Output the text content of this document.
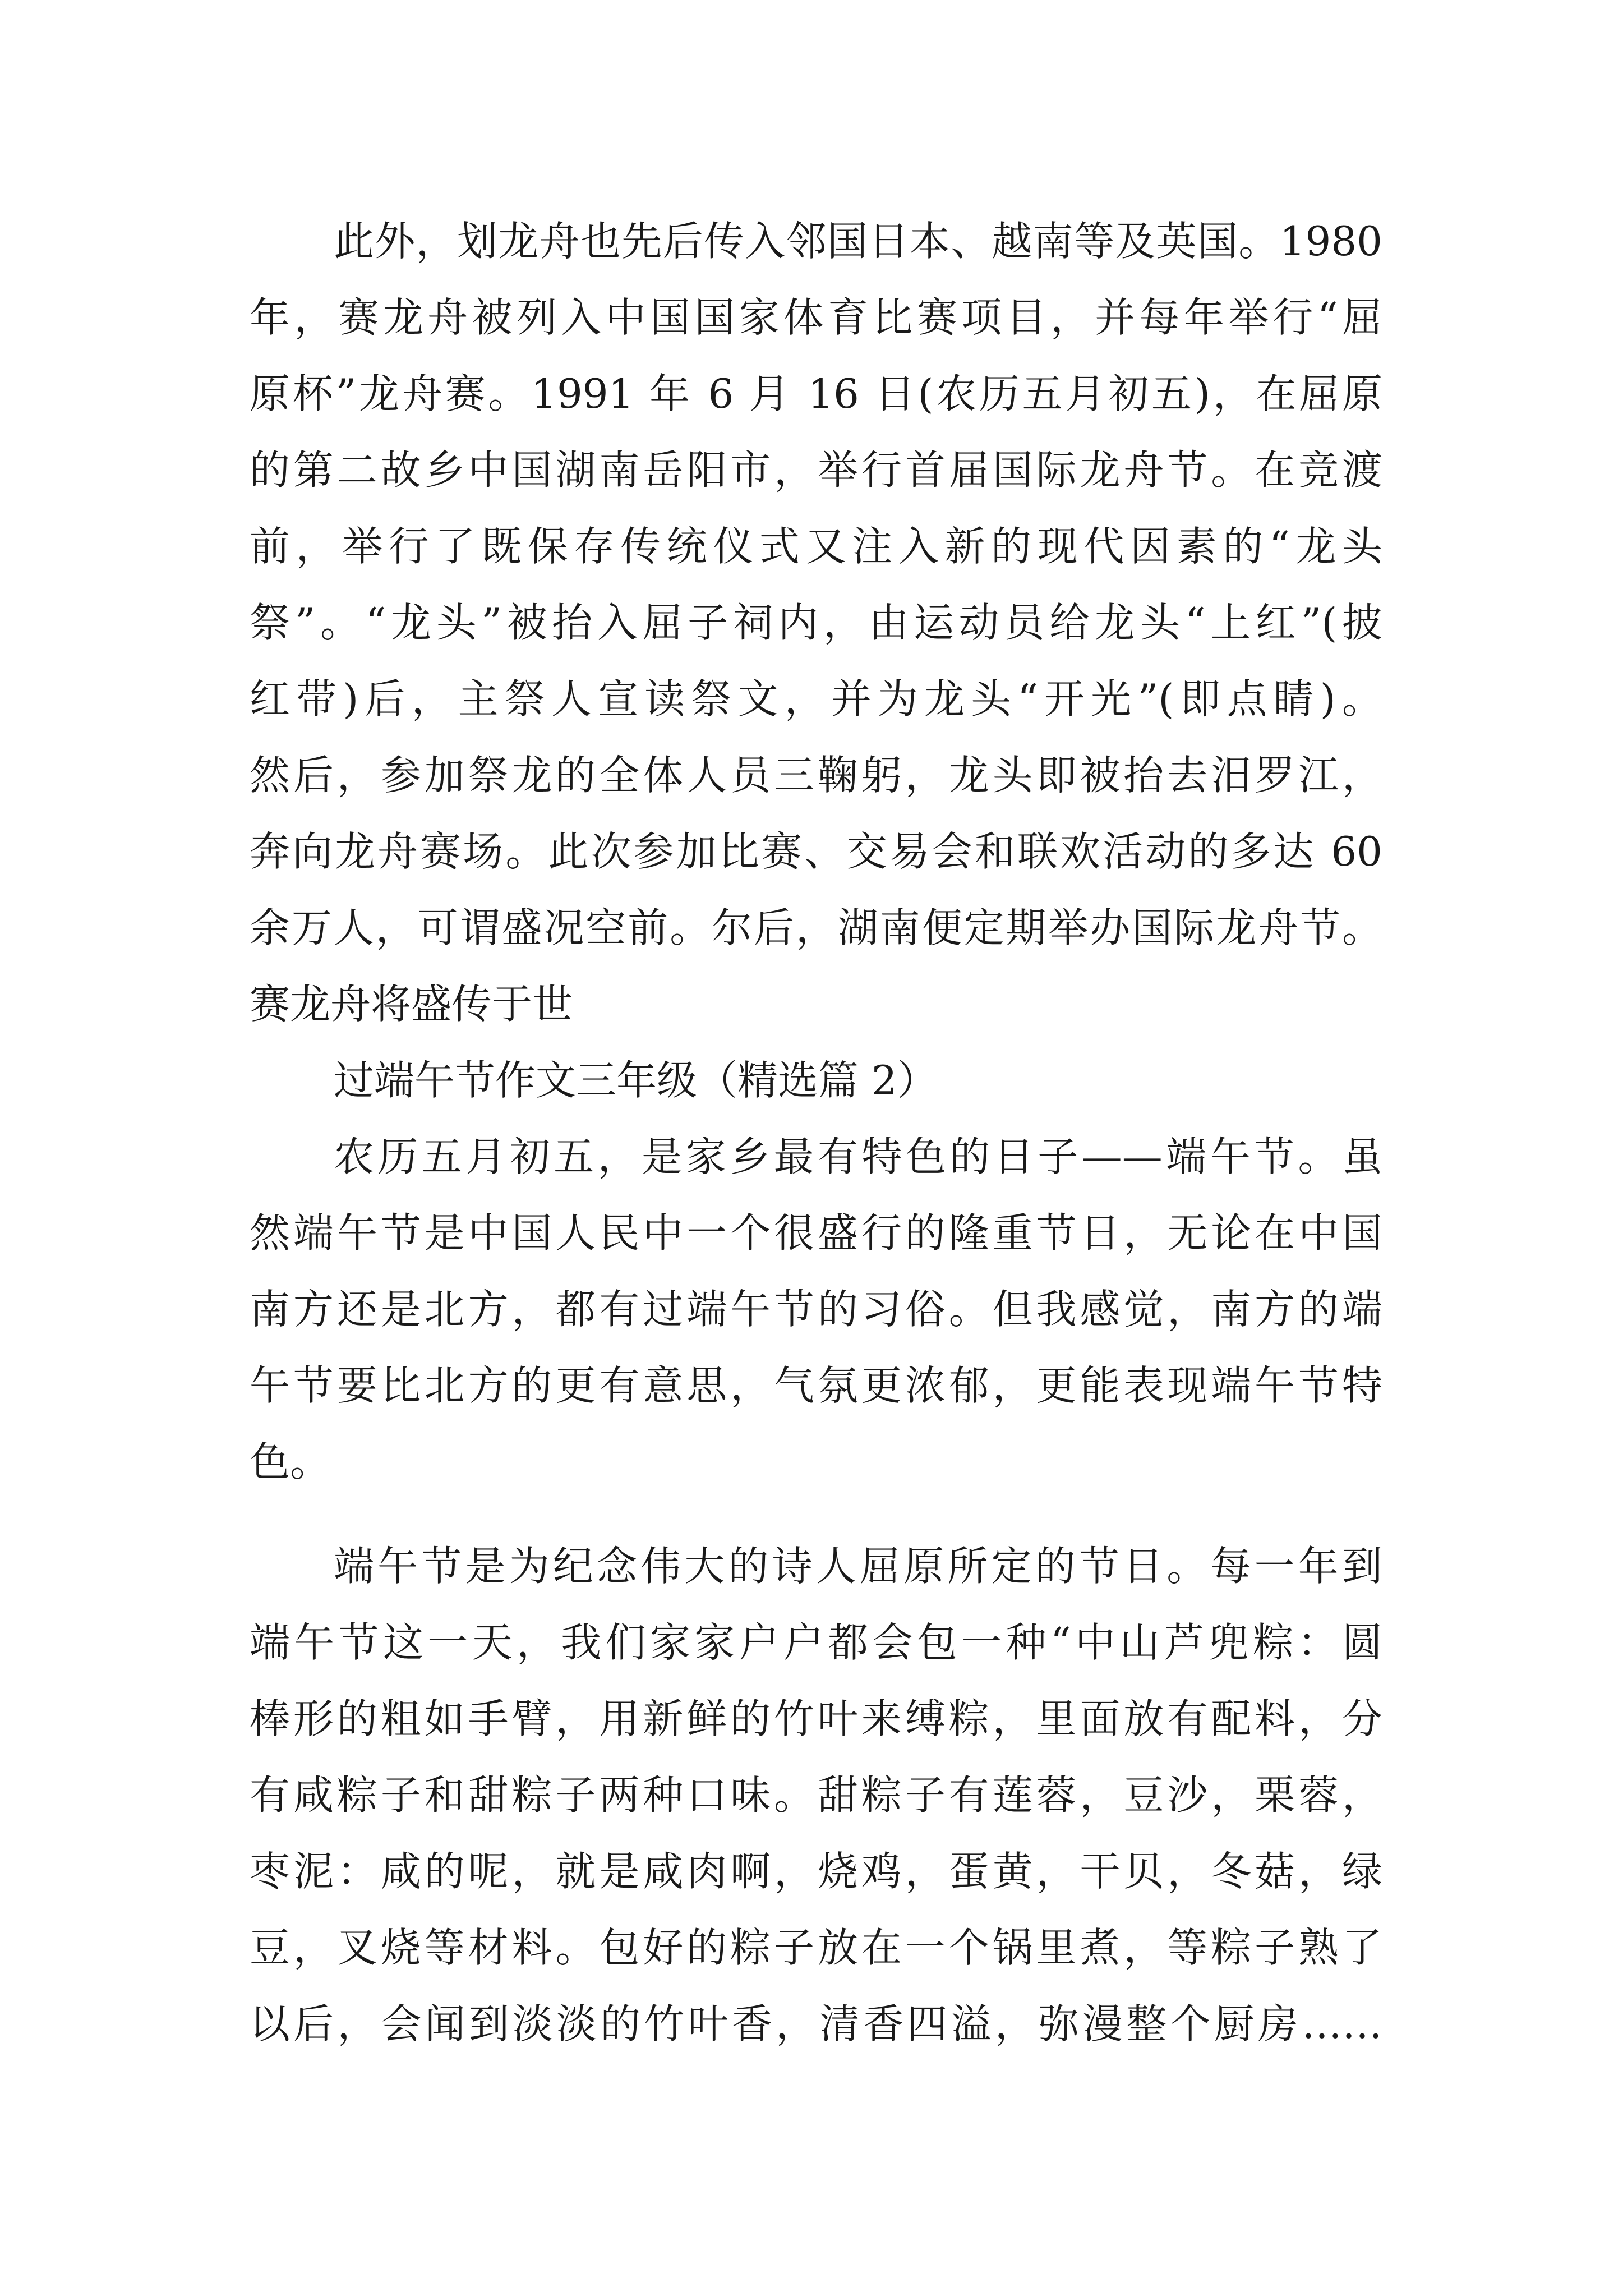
此外，划龙舟也先后传入邻国日本、越南等及英国。1980
年，赛龙舟被列入中国国家体育比赛项目，并每年举行“屈
原杯”龙舟赛。1991 年 6 月 16 日(农历五月初五)，在屈原
的第二故乡中国湖南岳阳市，举行首届国际龙舟节。在竞渡
前，举行了既保存传统仪式又注入新的现代因素的“龙头
祭”。“龙头”被抬入屈子祠内，由运动员给龙头“上红”(披
红带)后，主祭人宣读祭文，并为龙头“开光”(即点睛)。
然后，参加祭龙的全体人员三鞠躬，龙头即被抬去汨罗江，
奔向龙舟赛场。此次参加比赛、交易会和联欢活动的多达 60
余万人，可谓盛况空前。尔后，湖南便定期举办国际龙舟节。
赛龙舟将盛传于世
过端午节作文三年级（精选篇 2）
农历五月初五，是家乡最有特色的日子——端午节。虽
然端午节是中国人民中一个很盛行的隆重节日，无论在中国
南方还是北方，都有过端午节的习俗。但我感觉，南方的端
午节要比北方的更有意思，气氛更浓郁，更能表现端午节特
色。
端午节是为纪念伟大的诗人屈原所定的节日。每一年到
端午节这一天，我们家家户户都会包一种“中山芦兜粽：圆
棒形的粗如手臂，用新鲜的竹叶来缚粽，里面放有配料，分
有咸粽子和甜粽子两种口味。甜粽子有莲蓉，豆沙，栗蓉，
枣泥：咸的呢，就是咸肉啊，烧鸡，蛋黄，干贝，冬菇，绿
豆，叉烧等材料。包好的粽子放在一个锅里煮，等粽子熟了
以后，会闻到淡淡的竹叶香，清香四溢，弥漫整个厨房……
